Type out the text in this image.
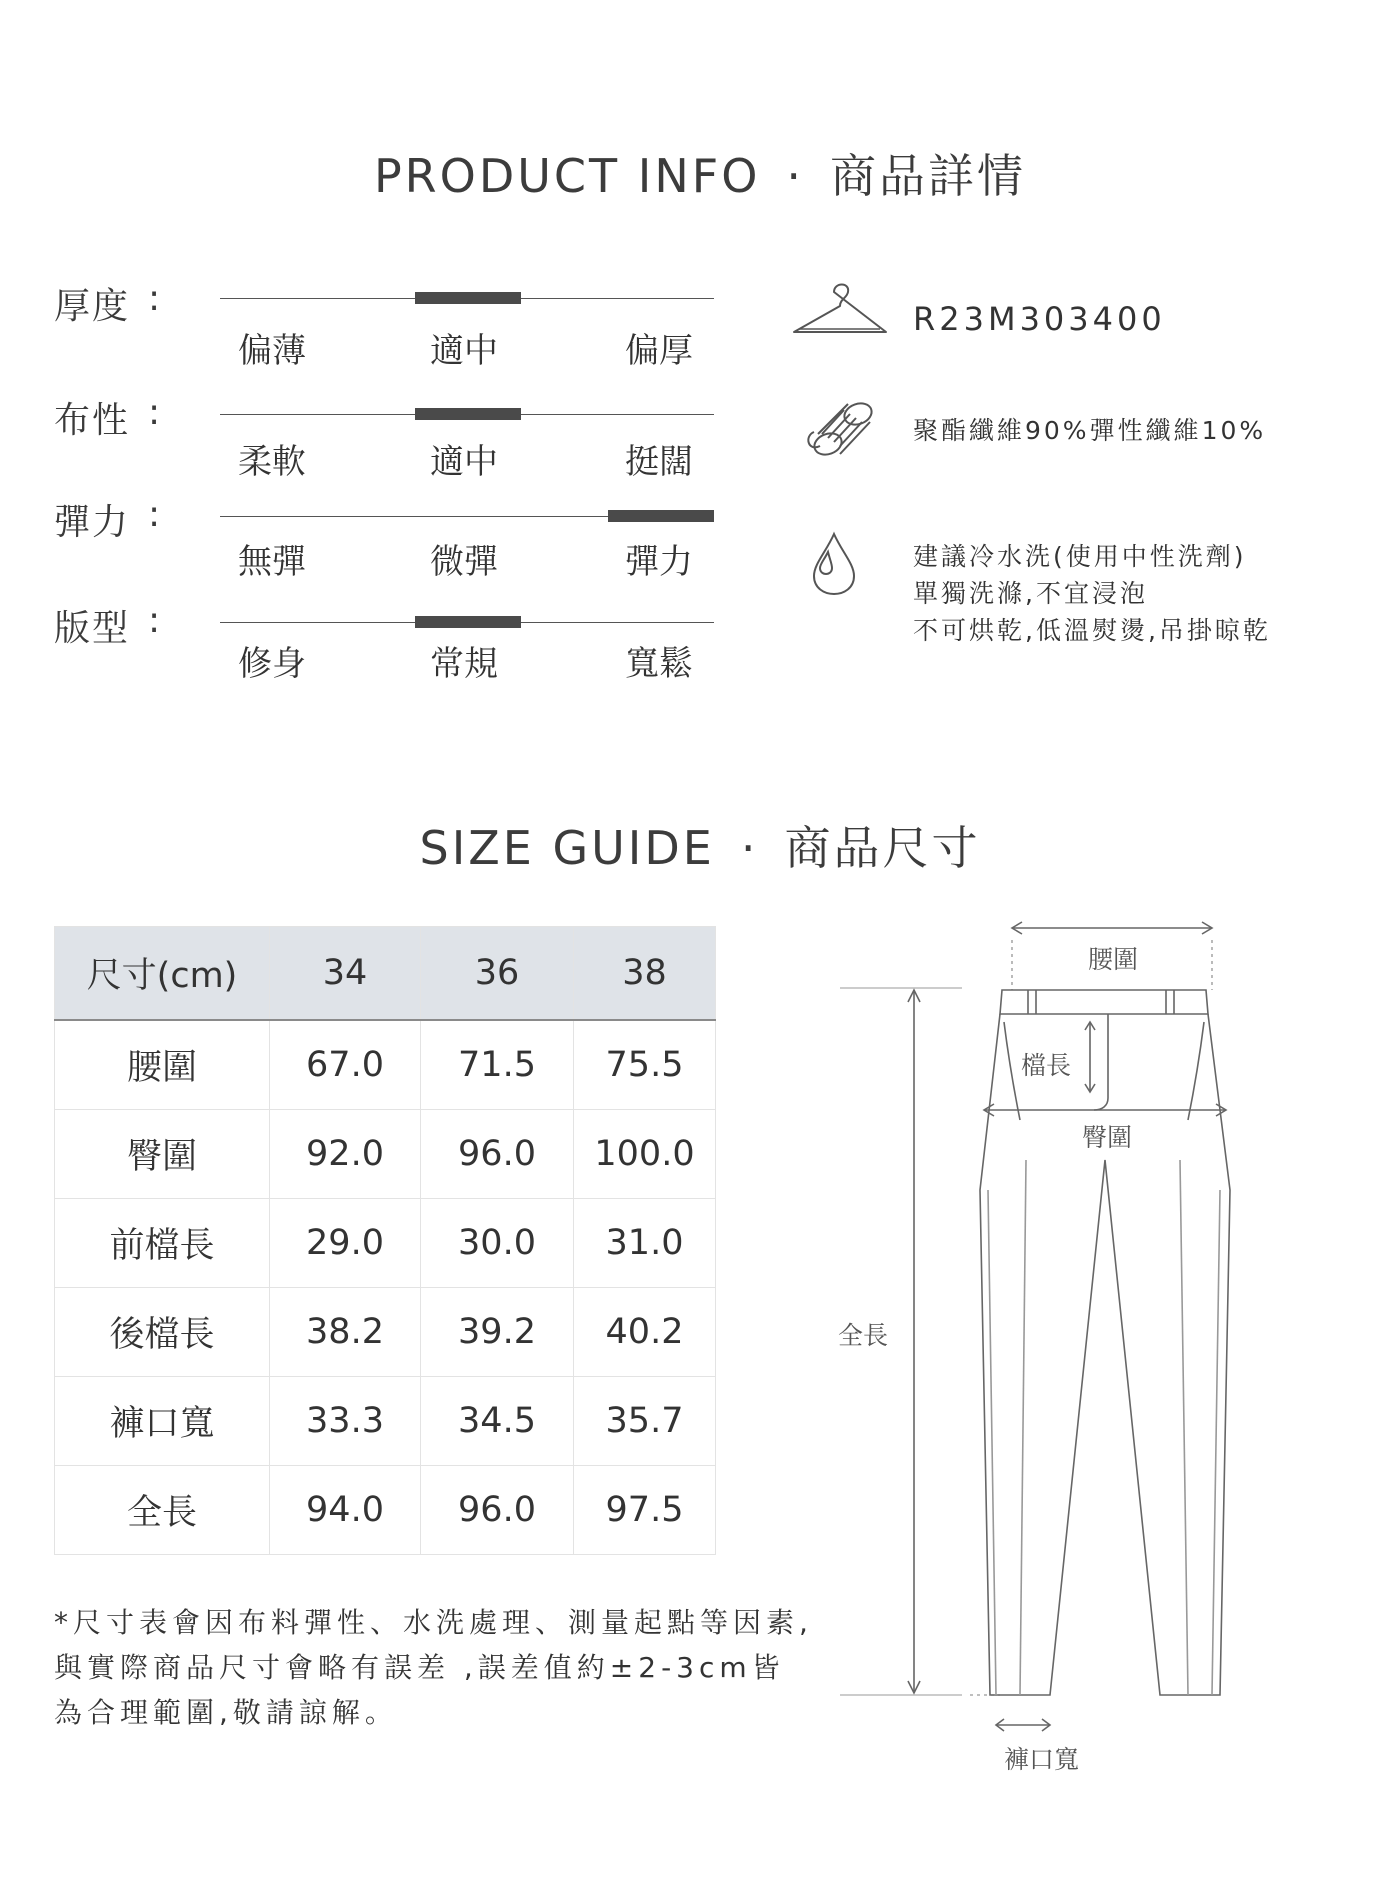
PRODUCT INFO · 商品詳情
厚度 :
偏薄	適中	偏厚
布性 :
柔軟	適中	挺闊
彈力 :
無彈	微彈	彈力
版型 :
修身	常規	寬鬆
R23M303400
聚酯纖維90%彈性纖維10%
建議冷水洗(使用中性洗劑)
單獨洗滌,不宜浸泡
不可烘乾,低溫熨燙,吊掛晾乾
SIZE GUIDE · 商品尺寸
尺寸(cm)	34	36	38
腰圍	67.0	71.5	75.5
臀圍	92.0	96.0	100.0
前檔長	29.0	30.0	31.0
後檔長	38.2	39.2	40.2
褲口寬	33.3	34.5	35.7
全長	94.0	96.0	97.5
*尺寸表會因布料彈性、水洗處理、測量起點等因素,
與實際商品尺寸會略有誤差 ,誤差值約±2-3cm皆
為合理範圍,敬請諒解。
腰圍
檔長
臀圍
全長
褲口寬
